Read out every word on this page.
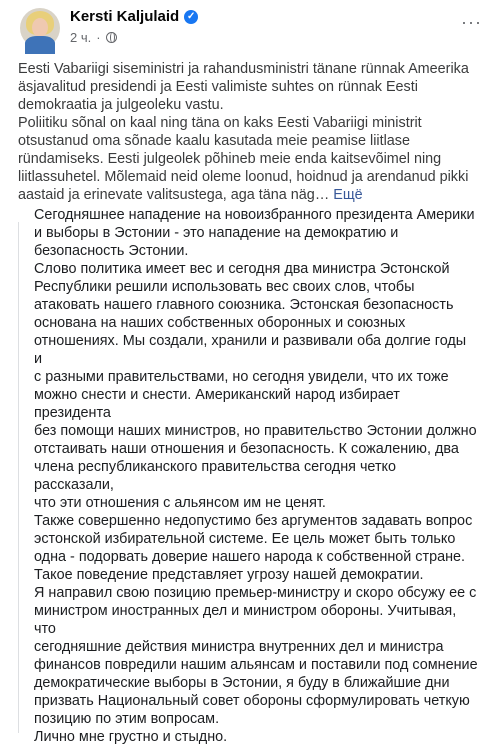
Kersti Kaljulaid ✓
2 ч. ·
···
Eesti Vabariigi siseministri ja rahandusministri tänane rünnak Ameerika
äsjavalitud presidendi ja Eesti valimiste suhtes on rünnak Eesti
demokraatia ja julgeoleku vastu.
Poliitiku sõnal on kaal ning täna on kaks Eesti Vabariigi ministrit
otsustanud oma sõnade kaalu kasutada meie peamise liitlase
ründamiseks. Eesti julgeolek põhineb meie enda kaitsevõimel ning
liitlassuhetel. Mõlemaid neid oleme loonud, hoidnud ja arendanud pikki
aastaid ja erinevate valitsustega, aga täna näg… Ещё
Сегодняшнее нападение на новоизбранного президента Америки
и выборы в Эстонии - это нападение на демократию и
безопасность Эстонии.
Слово политика имеет вес и сегодня два министра Эстонской
Республики решили использовать вес своих слов, чтобы
атаковать нашего главного союзника. Эстонская безопасность
основана на наших собственных оборонных и союзных
отношениях. Мы создали, хранили и развивали оба долгие годы и
с разными правительствами, но сегодня увидели, что их тоже
можно снести и снести. Американский народ избирает президента
без помощи наших министров, но правительство Эстонии должно
отстаивать наши отношения и безопасность. К сожалению, два
члена республиканского правительства сегодня четко рассказали,
что эти отношения с альянсом им не ценят.
Также совершенно недопустимо без аргументов задавать вопрос
эстонской избирательной системе. Ее цель может быть только
одна - подорвать доверие нашего народа к собственной стране.
Такое поведение представляет угрозу нашей демократии.
Я направил свою позицию премьер-министру и скоро обсужу ее с
министром иностранных дел и министром обороны. Учитывая, что
сегодняшние действия министра внутренних дел и министра
финансов повредили нашим альянсам и поставили под сомнение
демократические выборы в Эстонии, я буду в ближайшие дни
призвать Национальный совет обороны сформулировать четкую
позицию по этим вопросам.
Лично мне грустно и стыдно.
